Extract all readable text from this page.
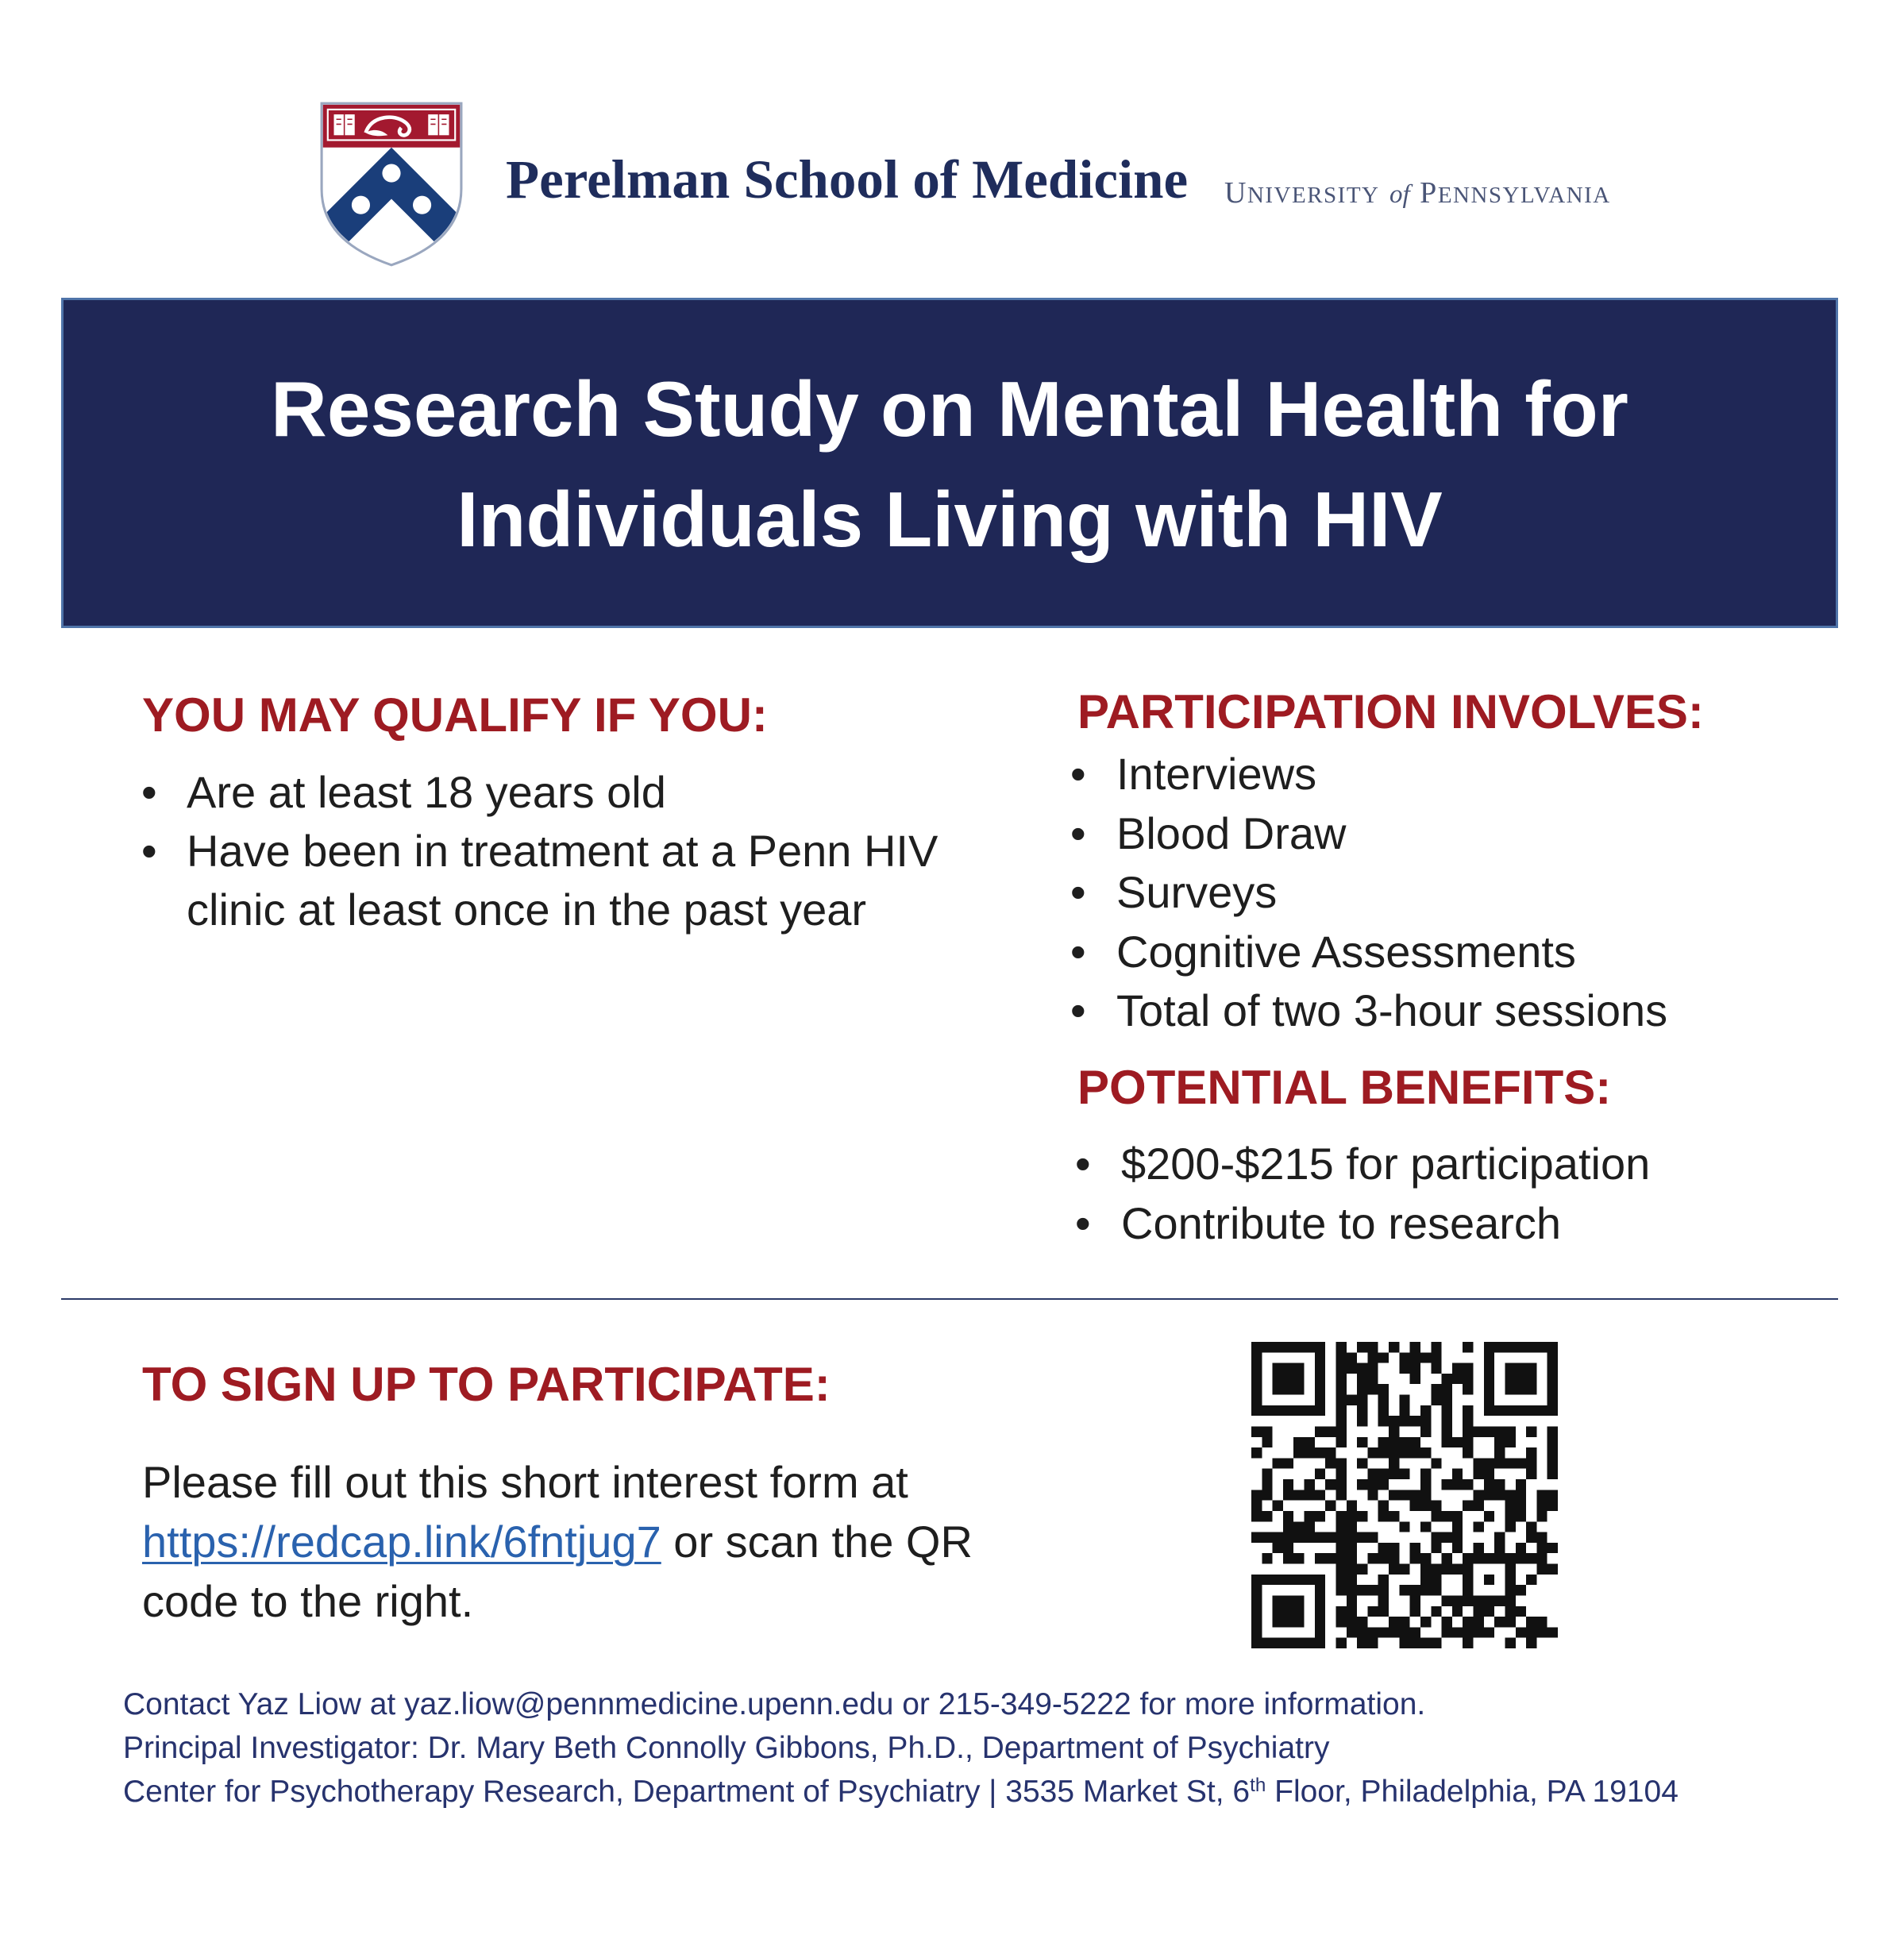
Perelman School of Medicine UNIVERSITY of PENNSYLVANIA
Research Study on Mental Health for
Individuals Living with HIV
YOU MAY QUALIFY IF YOU:
• Are at least 18 years old
• Have been in treatment at a Penn HIV clinic at least once in the past year
PARTICIPATION INVOLVES:
• Interviews
• Blood Draw
• Surveys
• Cognitive Assessments
• Total of two 3-hour sessions
POTENTIAL BENEFITS:
• $200-$215 for participation
• Contribute to research
TO SIGN UP TO PARTICIPATE:

Please fill out this short interest form at https://redcap.link/6fntjug7 or scan the QR code to the right.

Contact Yaz Liow at yaz.liow@pennmedicine.upenn.edu or 215-349-5222 for more information.
Principal Investigator: Dr. Mary Beth Connolly Gibbons, Ph.D., Department of Psychiatry
Center for Psychotherapy Research, Department of Psychiatry | 3535 Market St, 6th Floor, Philadelphia, PA 19104
